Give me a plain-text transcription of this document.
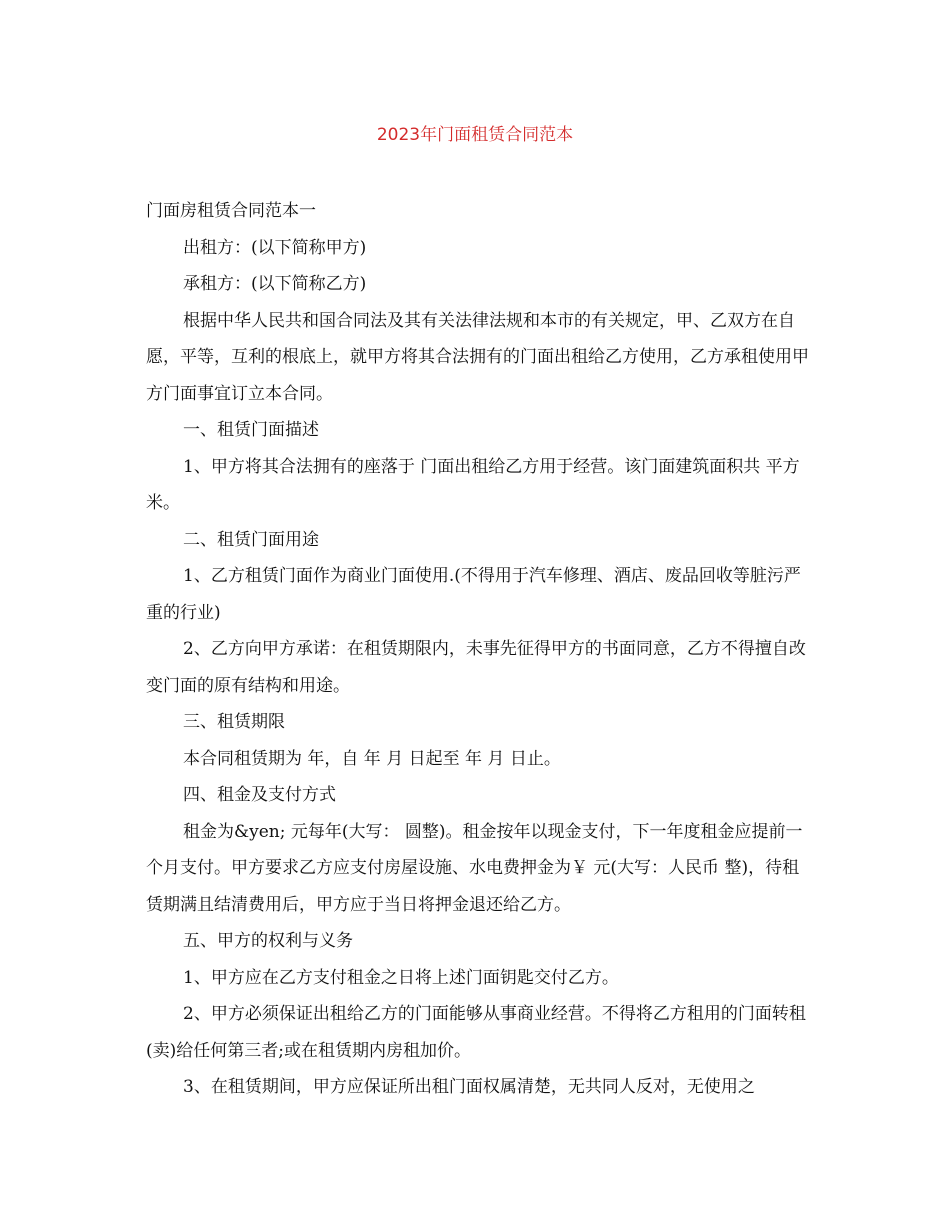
2023年门面租赁合同范本

门面房租赁合同范本一

出租方：(以下简称甲方)

承租方：(以下简称乙方)

根据中华人民共和国合同法及其有关法律法规和本市的有关规定，甲、乙双方在自愿，平等，互利的根底上，就甲方将其合法拥有的门面出租给乙方使用，乙方承租使用甲方门面事宜订立本合同。

一、租赁门面描述

1、甲方将其合法拥有的座落于 门面出租给乙方用于经营。该门面建筑面积共 平方米。

二、租赁门面用途

1、乙方租赁门面作为商业门面使用.(不得用于汽车修理、酒店、废品回收等脏污严重的行业)

2、乙方向甲方承诺：在租赁期限内，未事先征得甲方的书面同意，乙方不得擅自改变门面的原有结构和用途。

三、租赁期限

本合同租赁期为 年，自 年 月 日起至 年 月 日止。

四、租金及支付方式

租金为&yen; 元每年(大写： 圆整)。租金按年以现金支付，下一年度租金应提前一个月支付。甲方要求乙方应支付房屋设施、水电费押金为￥ 元(大写：人民币 整)，待租赁期满且结清费用后，甲方应于当日将押金退还给乙方。

五、甲方的权利与义务

1、甲方应在乙方支付租金之日将上述门面钥匙交付乙方。

2、甲方必须保证出租给乙方的门面能够从事商业经营。不得将乙方租用的门面转租(卖)给任何第三者;或在租赁期内房租加价。

3、在租赁期间，甲方应保证所出租门面权属清楚，无共同人反对，无使用之
